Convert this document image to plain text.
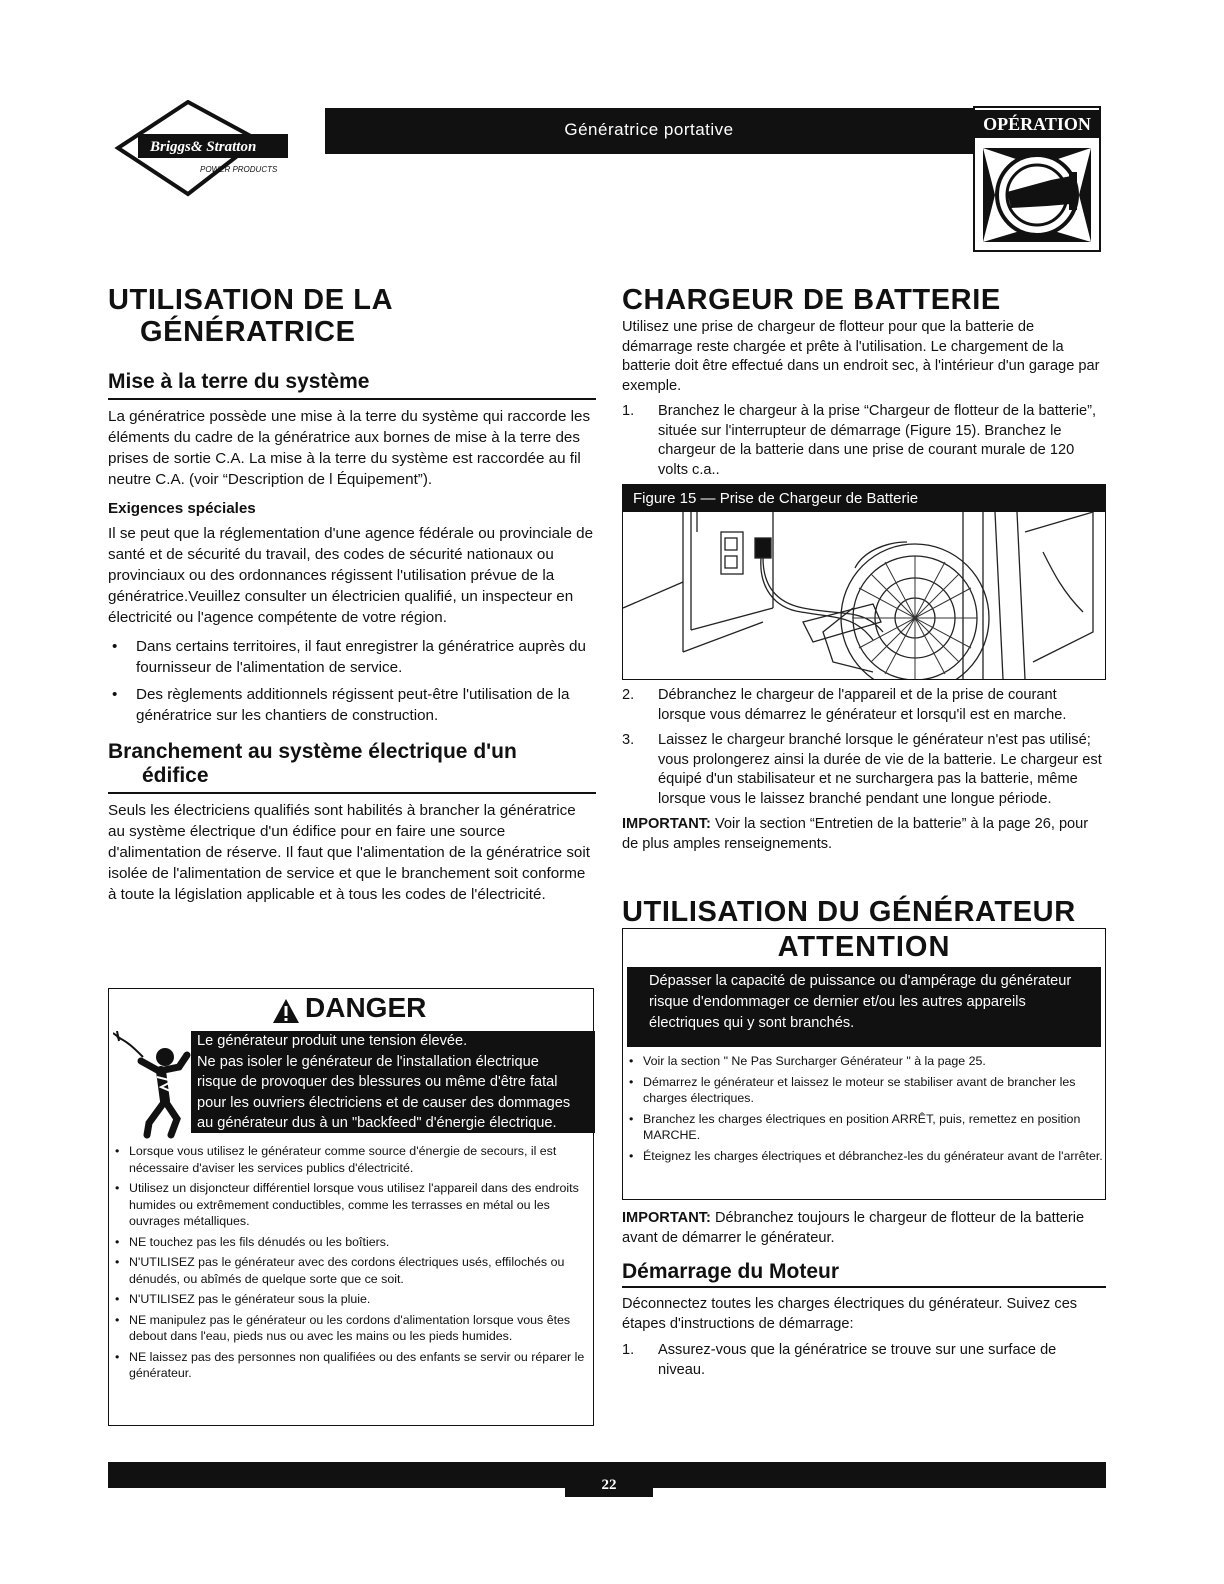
Briggs& Stratton
POWER PRODUCTS
Génératrice portative	OPÉRATION
UTILISATION DE LA
GÉNÉRATRICE
Mise à la terre du système

La génératrice possède une mise à la terre du système qui raccorde les éléments du cadre de la génératrice aux bornes de mise à la terre des prises de sortie C.A. La mise à la terre du système est raccordée au fil neutre C.A. (voir “Description de l Équipement”).

Exigences spéciales

Il se peut que la réglementation d'une agence fédérale ou provinciale de santé et de sécurité du travail, des codes de sécurité nationaux ou provinciaux ou des ordonnances régissent l'utilisation prévue de la génératrice.Veuillez consulter un électricien qualifié, un inspecteur en électricité ou l'agence compétente de votre région.

• Dans certains territoires, il faut enregistrer la génératrice auprès du fournisseur de l'alimentation de service.
• Des règlements additionnels régissent peut-être l'utilisation de la génératrice sur les chantiers de construction.
Branchement au système électrique d'un
édifice

Seuls les électriciens qualifiés sont habilités à brancher la génératrice au système électrique d'un édifice pour en faire une source d'alimentation de réserve. Il faut que l'alimentation de la génératrice soit isolée de l'alimentation de service et que le branchement soit conforme à toute la législation applicable et à tous les codes de l'électricité.

DANGER
Le générateur produit une tension élevée.
Ne pas isoler le générateur de l'installation électrique
risque de provoquer des blessures ou même d'être fatal
pour les ouvriers électriciens et de causer des dommages
au générateur dus à un "backfeed" d'énergie électrique.
• Lorsque vous utilisez le générateur comme source d'énergie de secours, il est nécessaire d'aviser les services publics d'électricité.
• Utilisez un disjoncteur différentiel lorsque vous utilisez l'appareil dans des endroits humides ou extrêmement conductibles, comme les terrasses en métal ou les ouvrages métalliques.
• NE touchez pas les fils dénudés ou les boîtiers.
• N'UTILISEZ pas le générateur avec des cordons électriques usés, effilochés ou dénudés, ou abîmés de quelque sorte que ce soit.
• N'UTILISEZ pas le générateur sous la pluie.
• NE manipulez pas le générateur ou les cordons d'alimentation lorsque vous êtes debout dans l'eau, pieds nus ou avec les mains ou les pieds humides.
• NE laissez pas des personnes non qualifiées ou des enfants se servir ou réparer le générateur.
CHARGEUR DE BATTERIE

Utilisez une prise de chargeur de flotteur pour que la batterie de démarrage reste chargée et prête à l'utilisation. Le chargement de la batterie doit être effectué dans un endroit sec, à l'intérieur d'un garage par exemple.

1. Branchez le chargeur à la prise “Chargeur de flotteur de la batterie”, située sur l'interrupteur de démarrage (Figure 15). Branchez le chargeur de la batterie dans une prise de courant murale de 120 volts c.a..
Figure 15 — Prise de Chargeur de Batterie
2. Débranchez le chargeur de l'appareil et de la prise de courant lorsque vous démarrez le générateur et lorsqu'il est en marche.
3. Laissez le chargeur branché lorsque le générateur n'est pas utilisé; vous prolongerez ainsi la durée de vie de la batterie. Le chargeur est équipé d'un stabilisateur et ne surchargera pas la batterie, même lorsque vous le laissez branché pendant une longue période.

IMPORTANT: Voir la section “Entretien de la batterie” à la page 26, pour de plus amples renseignements.

UTILISATION DU GÉNÉRATEUR
ATTENTION
Dépasser la capacité de puissance ou d'ampérage du générateur risque d'endommager ce dernier et/ou les autres appareils électriques qui y sont branchés.
• Voir la section " Ne Pas Surcharger Générateur " à la page 25.
• Démarrez le générateur et laissez le moteur se stabiliser avant de brancher les charges électriques.
• Branchez les charges électriques en position ARRÊT, puis, remettez en position MARCHE.
• Éteignez les charges électriques et débranchez-les du générateur avant de l'arrêter.

IMPORTANT: Débranchez toujours le chargeur de flotteur de la batterie avant de démarrer le générateur.

Démarrage du Moteur

Déconnectez toutes les charges électriques du générateur. Suivez ces étapes d'instructions de démarrage:

1. Assurez-vous que la génératrice se trouve sur une surface de niveau.
22
